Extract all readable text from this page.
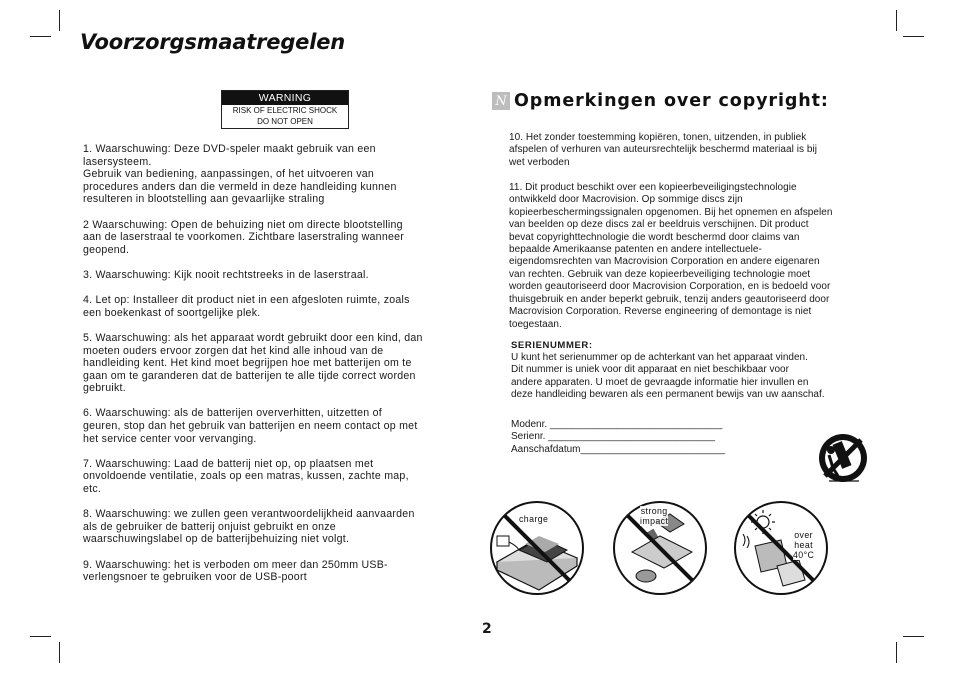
Voorzorgsmaatregelen
WARNING
RISK OF ELECTRIC SHOCK
DO NOT OPEN

1. Waarschuwing: Deze DVD-speler maakt gebruik van een
lasersysteem.
Gebruik van bediening, aanpassingen, of het uitvoeren van
procedures anders dan die vermeld in deze handleiding kunnen
resulteren in blootstelling aan gevaarlijke straling

2 Waarschuwing: Open de behuizing niet om directe blootstelling
aan de laserstraal te voorkomen. Zichtbare laserstraling wanneer
geopend.

3. Waarschuwing: Kijk nooit rechtstreeks in de laserstraal.

4. Let op: Installeer dit product niet in een afgesloten ruimte, zoals
een boekenkast of soortgelijke plek.

5. Waarschuwing: als het apparaat wordt gebruikt door een kind, dan
moeten ouders ervoor zorgen dat het kind alle inhoud van de
handleiding kent. Het kind moet begrijpen hoe met batterijen om te
gaan om te garanderen dat de batterijen te alle tijde correct worden
gebruikt.

6. Waarschuwing: als de batterijen oververhitten, uitzetten of
geuren, stop dan het gebruik van batterijen en neem contact op met
het service center voor vervanging.

7. Waarschuwing: Laad de batterij niet op, op plaatsen met
onvoldoende ventilatie, zoals op een matras, kussen, zachte map,
etc.

8. Waarschuwing: we zullen geen verantwoordelijkheid aanvaarden
als de gebruiker de batterij onjuist gebruikt en onze
waarschuwingslabel op de batterijbehuizing niet volgt.

9. Waarschuwing: het is verboden om meer dan 250mm USB-
verlengsnoer te gebruiken voor de USB-poort

N Opmerkingen over copyright:

10. Het zonder toestemming kopiëren, tonen, uitzenden, in publiek
afspelen of verhuren van auteursrechtelijk beschermd materiaal is bij
wet verboden

11. Dit product beschikt over een kopieerbeveiligingstechnologie
ontwikkeld door Macrovision. Op sommige discs zijn
kopieerbeschermingssignalen opgenomen. Bij het opnemen en afspelen
van beelden op deze discs zal er beeldruis verschijnen. Dit product
bevat copyrighttechnologie die wordt beschermd door claims van
bepaalde Amerikaanse patenten en andere intellectuele-
eigendomsrechten van Macrovision Corporation en andere eigenaren
van rechten. Gebruik van deze kopieerbeveiliging technologie moet
worden geautoriseerd door Macrovision Corporation, en is bedoeld voor
thuisgebruik en ander beperkt gebruik, tenzij anders geautoriseerd door
Macrovision Corporation. Reverse engineering of demontage is niet
toegestaan.

SERIENUMMER:
U kunt het serienummer op de achterkant van het apparaat vinden.
Dit nummer is uniek voor dit apparaat en niet beschikbaar voor
andere apparaten. U moet de gevraagde informatie hier invullen en
deze handleiding bewaren als een permanent bewijs van uw aanschaf.
Modenr. _______________________________
Serienr. ______________________________
Aanschafdatum__________________________
charge
strong
impact
over
heat
40°C
2
